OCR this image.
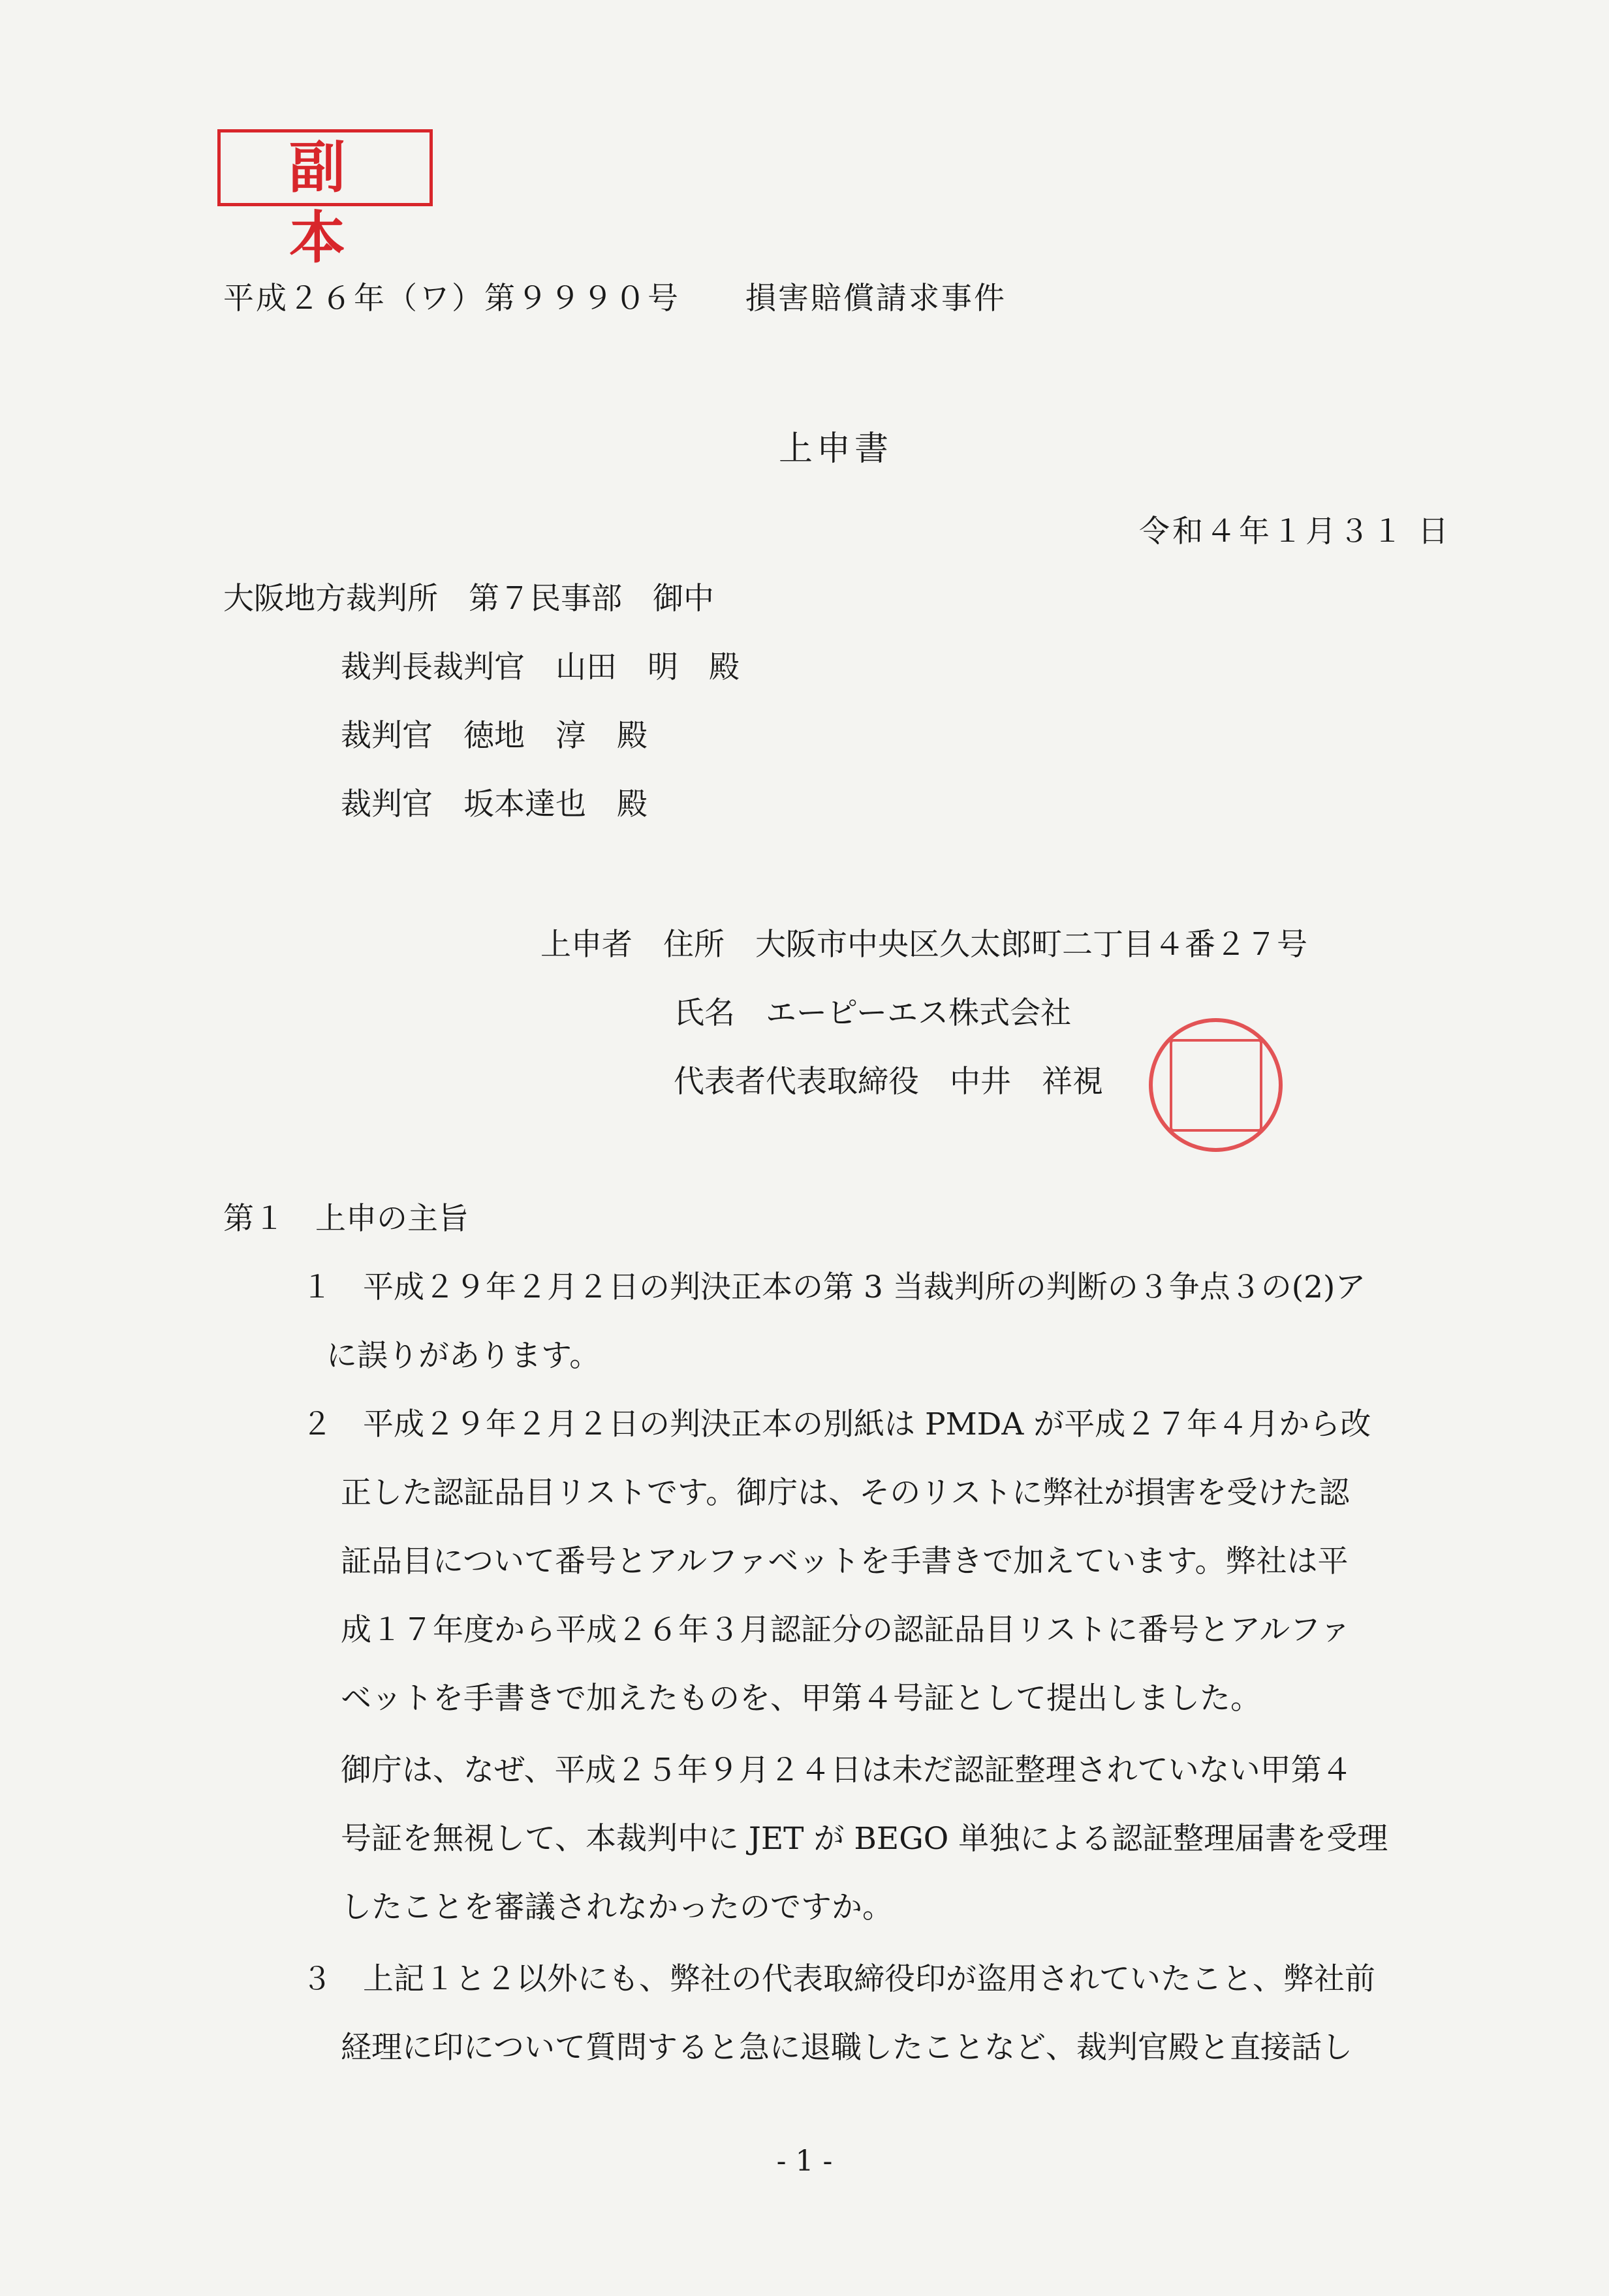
副本
平成２６年（ワ）第９９９０号　　損害賠償請求事件
上申書
令和４年１月３１ 日
大阪地方裁判所　第７民事部　御中
裁判長裁判官　山田　明　殿
裁判官　徳地　淳　殿
裁判官　坂本達也　殿
上申者　住所　大阪市中央区久太郎町二丁目４番２７号
氏名　エーピーエス株式会社
代表者代表取締役　中井　祥視
第１　上申の主旨
１　平成２９年２月２日の判決正本の第 3 当裁判所の判断の３争点３の(2)ア
に誤りがあります。
２　平成２９年２月２日の判決正本の別紙は PMDA が平成２７年４月から改
正した認証品目リストです。御庁は、そのリストに弊社が損害を受けた認
証品目について番号とアルファベットを手書きで加えています。弊社は平
成１７年度から平成２６年３月認証分の認証品目リストに番号とアルファ
ベットを手書きで加えたものを、甲第４号証として提出しました。
御庁は、なぜ、平成２５年９月２４日は未だ認証整理されていない甲第４
号証を無視して、本裁判中に JET が BEGO 単独による認証整理届書を受理
したことを審議されなかったのですか。
３　上記１と２以外にも、弊社の代表取締役印が盗用されていたこと、弊社前
経理に印について質問すると急に退職したことなど、裁判官殿と直接話し
- 1 -
